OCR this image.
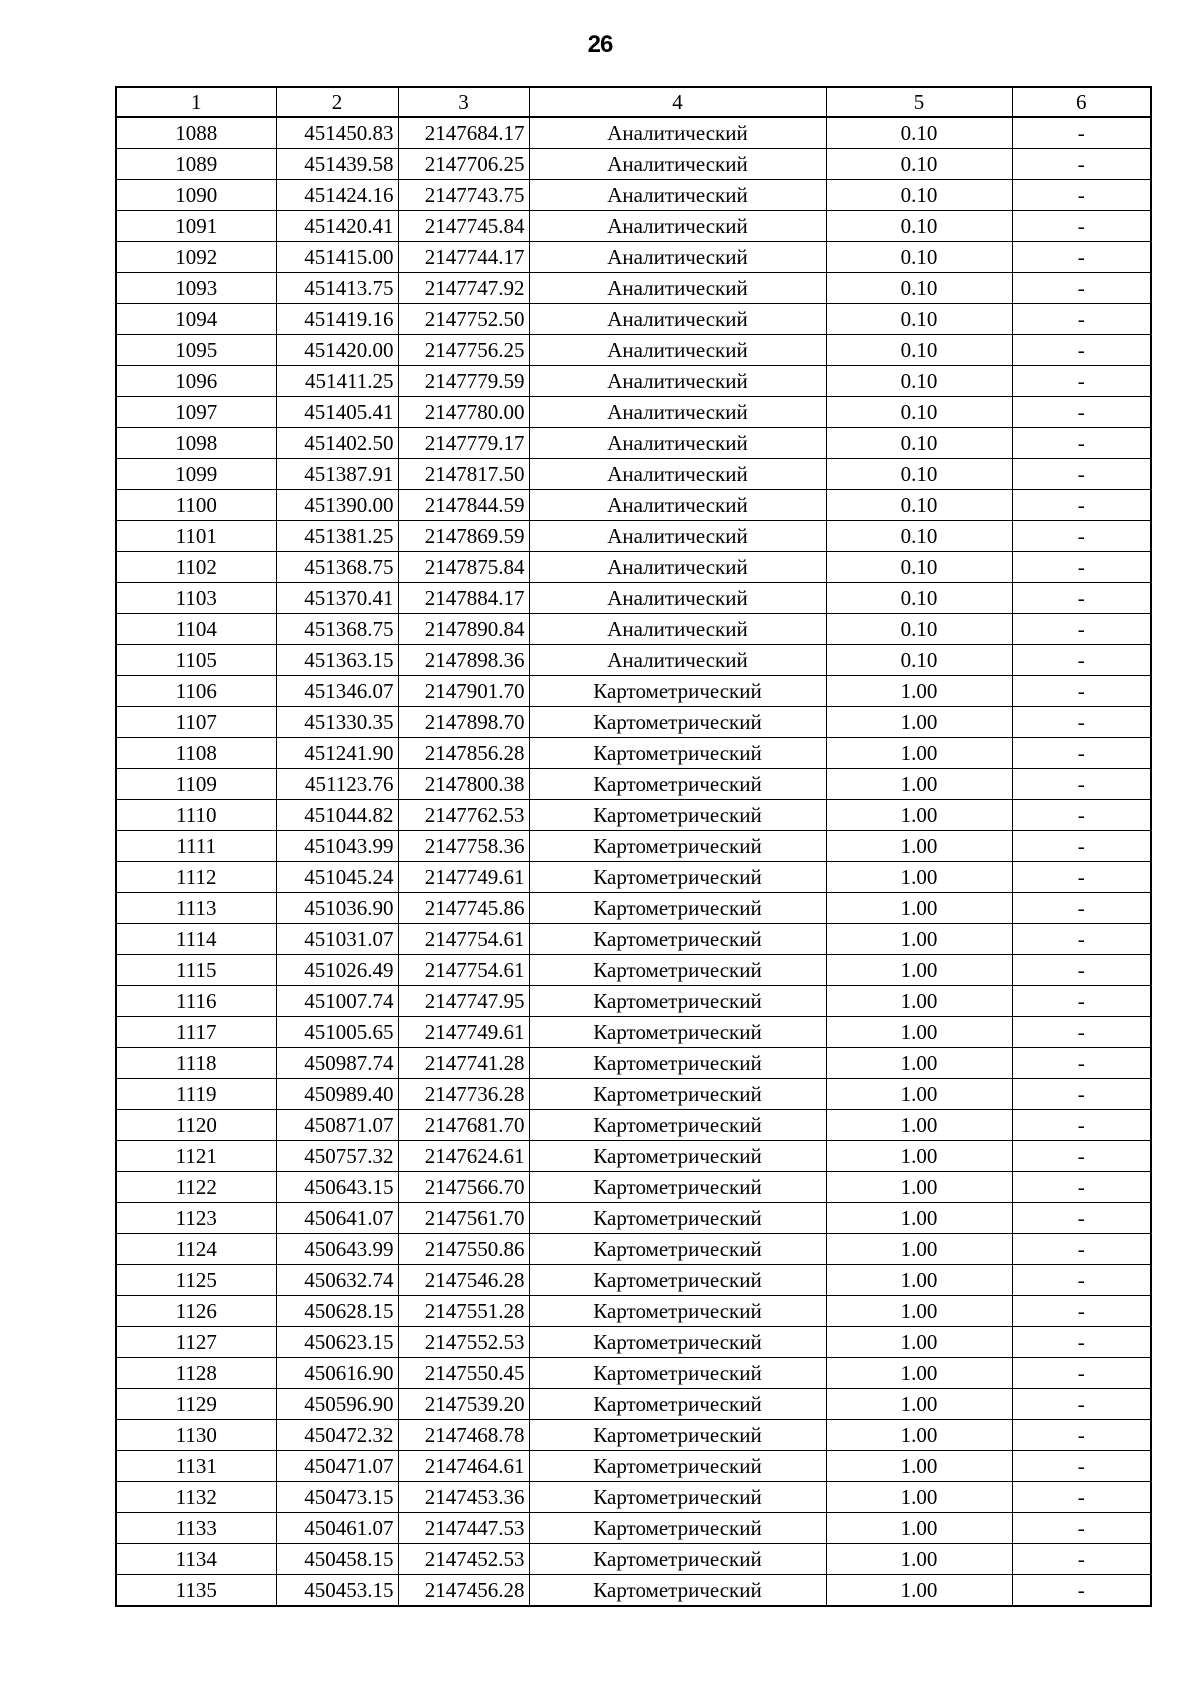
26
1	2	3	4	5	6
1088	451450.83	2147684.17	Аналитический	0.10	-
1089	451439.58	2147706.25	Аналитический	0.10	-
1090	451424.16	2147743.75	Аналитический	0.10	-
1091	451420.41	2147745.84	Аналитический	0.10	-
1092	451415.00	2147744.17	Аналитический	0.10	-
1093	451413.75	2147747.92	Аналитический	0.10	-
1094	451419.16	2147752.50	Аналитический	0.10	-
1095	451420.00	2147756.25	Аналитический	0.10	-
1096	451411.25	2147779.59	Аналитический	0.10	-
1097	451405.41	2147780.00	Аналитический	0.10	-
1098	451402.50	2147779.17	Аналитический	0.10	-
1099	451387.91	2147817.50	Аналитический	0.10	-
1100	451390.00	2147844.59	Аналитический	0.10	-
1101	451381.25	2147869.59	Аналитический	0.10	-
1102	451368.75	2147875.84	Аналитический	0.10	-
1103	451370.41	2147884.17	Аналитический	0.10	-
1104	451368.75	2147890.84	Аналитический	0.10	-
1105	451363.15	2147898.36	Аналитический	0.10	-
1106	451346.07	2147901.70	Картометрический	1.00	-
1107	451330.35	2147898.70	Картометрический	1.00	-
1108	451241.90	2147856.28	Картометрический	1.00	-
1109	451123.76	2147800.38	Картометрический	1.00	-
1110	451044.82	2147762.53	Картометрический	1.00	-
1111	451043.99	2147758.36	Картометрический	1.00	-
1112	451045.24	2147749.61	Картометрический	1.00	-
1113	451036.90	2147745.86	Картометрический	1.00	-
1114	451031.07	2147754.61	Картометрический	1.00	-
1115	451026.49	2147754.61	Картометрический	1.00	-
1116	451007.74	2147747.95	Картометрический	1.00	-
1117	451005.65	2147749.61	Картометрический	1.00	-
1118	450987.74	2147741.28	Картометрический	1.00	-
1119	450989.40	2147736.28	Картометрический	1.00	-
1120	450871.07	2147681.70	Картометрический	1.00	-
1121	450757.32	2147624.61	Картометрический	1.00	-
1122	450643.15	2147566.70	Картометрический	1.00	-
1123	450641.07	2147561.70	Картометрический	1.00	-
1124	450643.99	2147550.86	Картометрический	1.00	-
1125	450632.74	2147546.28	Картометрический	1.00	-
1126	450628.15	2147551.28	Картометрический	1.00	-
1127	450623.15	2147552.53	Картометрический	1.00	-
1128	450616.90	2147550.45	Картометрический	1.00	-
1129	450596.90	2147539.20	Картометрический	1.00	-
1130	450472.32	2147468.78	Картометрический	1.00	-
1131	450471.07	2147464.61	Картометрический	1.00	-
1132	450473.15	2147453.36	Картометрический	1.00	-
1133	450461.07	2147447.53	Картометрический	1.00	-
1134	450458.15	2147452.53	Картометрический	1.00	-
1135	450453.15	2147456.28	Картометрический	1.00	-
